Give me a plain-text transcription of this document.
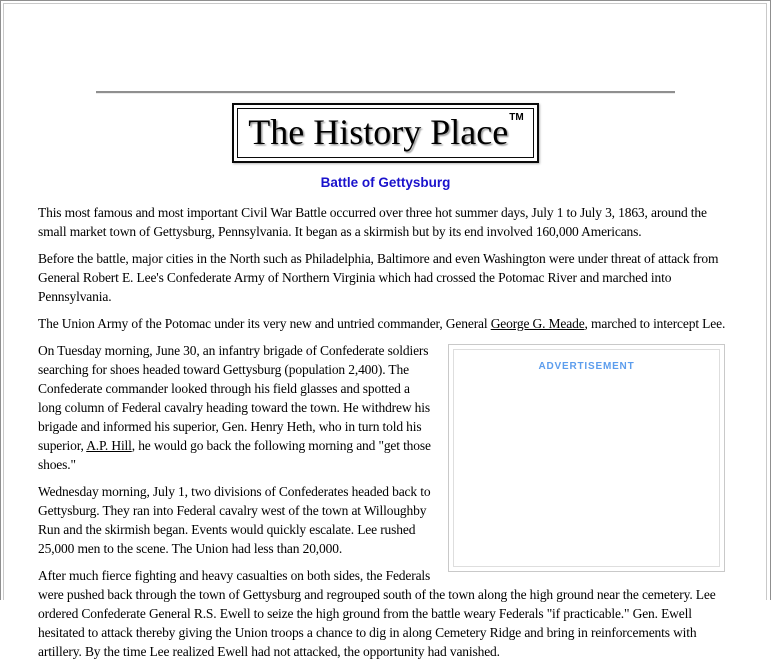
The History Place™
Battle of Gettysburg

This most famous and most important Civil War Battle occurred over three hot summer days, July 1 to July 3, 1863, around the small market town of Gettysburg, Pennsylvania. It began as a skirmish but by its end involved 160,000 Americans.

Before the battle, major cities in the North such as Philadelphia, Baltimore and even Washington were under threat of attack from General Robert E. Lee's Confederate Army of Northern Virginia which had crossed the Potomac River and marched into Pennsylvania.

The Union Army of the Potomac under its very new and untried commander, General George G. Meade, marched to intercept Lee.

ADVERTISEMENT

On Tuesday morning, June 30, an infantry brigade of Confederate soldiers searching for shoes headed toward Gettysburg (population 2,400). The Confederate commander looked through his field glasses and spotted a long column of Federal cavalry heading toward the town. He withdrew his brigade and informed his superior, Gen. Henry Heth, who in turn told his superior, A.P. Hill, he would go back the following morning and "get those shoes."

Wednesday morning, July 1, two divisions of Confederates headed back to Gettysburg. They ran into Federal cavalry west of the town at Willoughby Run and the skirmish began. Events would quickly escalate. Lee rushed 25,000 men to the scene. The Union had less than 20,000.

After much fierce fighting and heavy casualties on both sides, the Federals were pushed back through the town of Gettysburg and regrouped south of the town along the high ground near the cemetery. Lee ordered Confederate General R.S. Ewell to seize the high ground from the battle weary Federals "if practicable." Gen. Ewell hesitated to attack thereby giving the Union troops a chance to dig in along Cemetery Ridge and bring in reinforcements with artillery. By the time Lee realized Ewell had not attacked, the opportunity had vanished.
